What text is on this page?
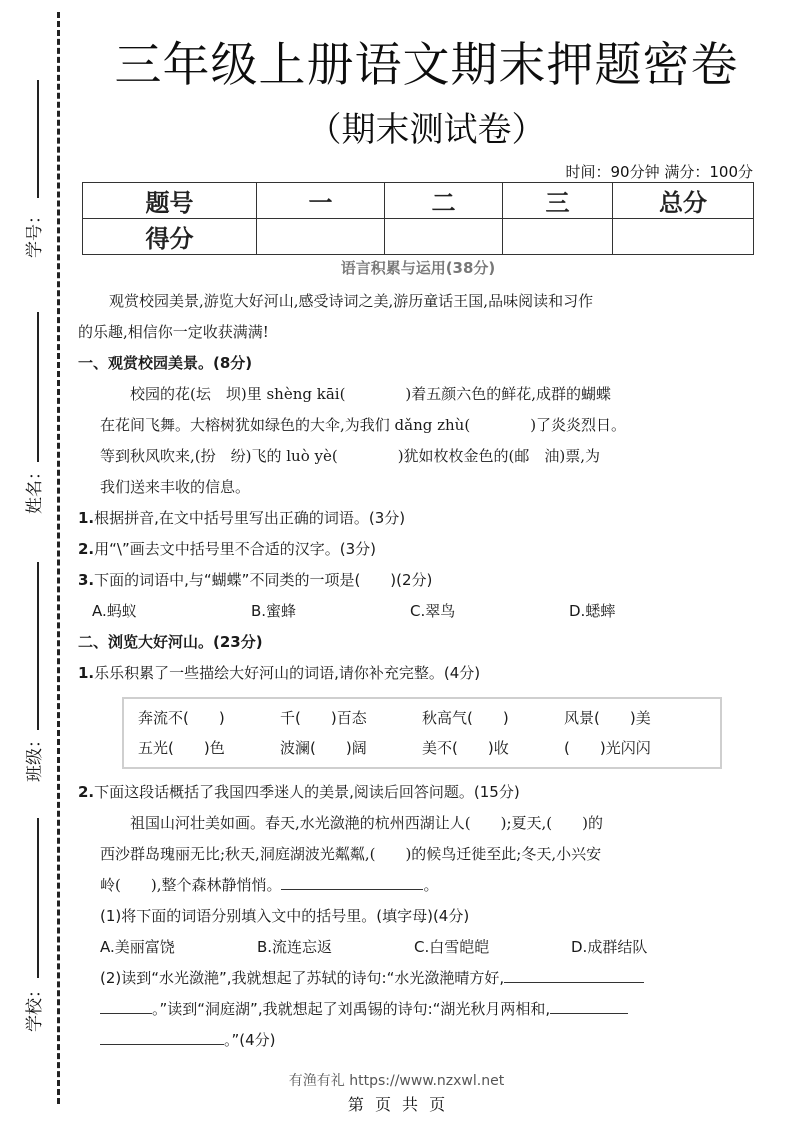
学号：
姓名：
班级：
学校：
三年级上册语文期末押题密卷
（期末测试卷）
时间：90分钟 满分：100分
题号	一	二	三	总分
得分				
语言积累与运用(38分)
观赏校园美景,游览大好河山,感受诗词之美,游历童话王国,品味阅读和习作
的乐趣,相信你一定收获满满!
一、观赏校园美景。(8分)
校园的花(坛　坝)里 shèng kāi(　　　　)着五颜六色的鲜花,成群的蝴蝶
在花间飞舞。大榕树犹如绿色的大伞,为我们 dǎng zhù(　　　　)了炎炎烈日。
等到秋风吹来,(扮　纷)飞的 luò yè(　　　　)犹如枚枚金色的(邮　油)票,为
我们送来丰收的信息。
1.根据拼音,在文中括号里写出正确的词语。(3分)
2.用“\”画去文中括号里不合适的汉字。(3分)
3.下面的词语中,与“蝴蝶”不同类的一项是(　　)(2分)
A.蚂蚁	B.蜜蜂	C.翠鸟	D.蟋蟀
二、浏览大好河山。(23分)
1.乐乐积累了一些描绘大好河山的词语,请你补充完整。(4分)
奔流不(　　)	千(　　)百态	秋高气(　　)	风景(　　)美
五光(　　)色	波澜(　　)阔	美不(　　)收	(　　)光闪闪
2.下面这段话概括了我国四季迷人的美景,阅读后回答问题。(15分)
祖国山河壮美如画。春天,水光潋滟的杭州西湖让人(　　);夏天,(　　)的
西沙群岛瑰丽无比;秋天,洞庭湖波光粼粼,(　　)的候鸟迁徙至此;冬天,小兴安
岭(　　),整个森林静悄悄。	。
(1)将下面的词语分别填入文中的括号里。(填字母)(4分)
A.美丽富饶	B.流连忘返	C.白雪皑皑	D.成群结队
(2)读到“水光潋滟”,我就想起了苏轼的诗句:“水光潋滟晴方好,
。”读到“洞庭湖”,我就想起了刘禹锡的诗句:“湖光秋月两相和,
。”(4分)
有渔有礼 https://www.nzxwl.net
第 页 共 页
